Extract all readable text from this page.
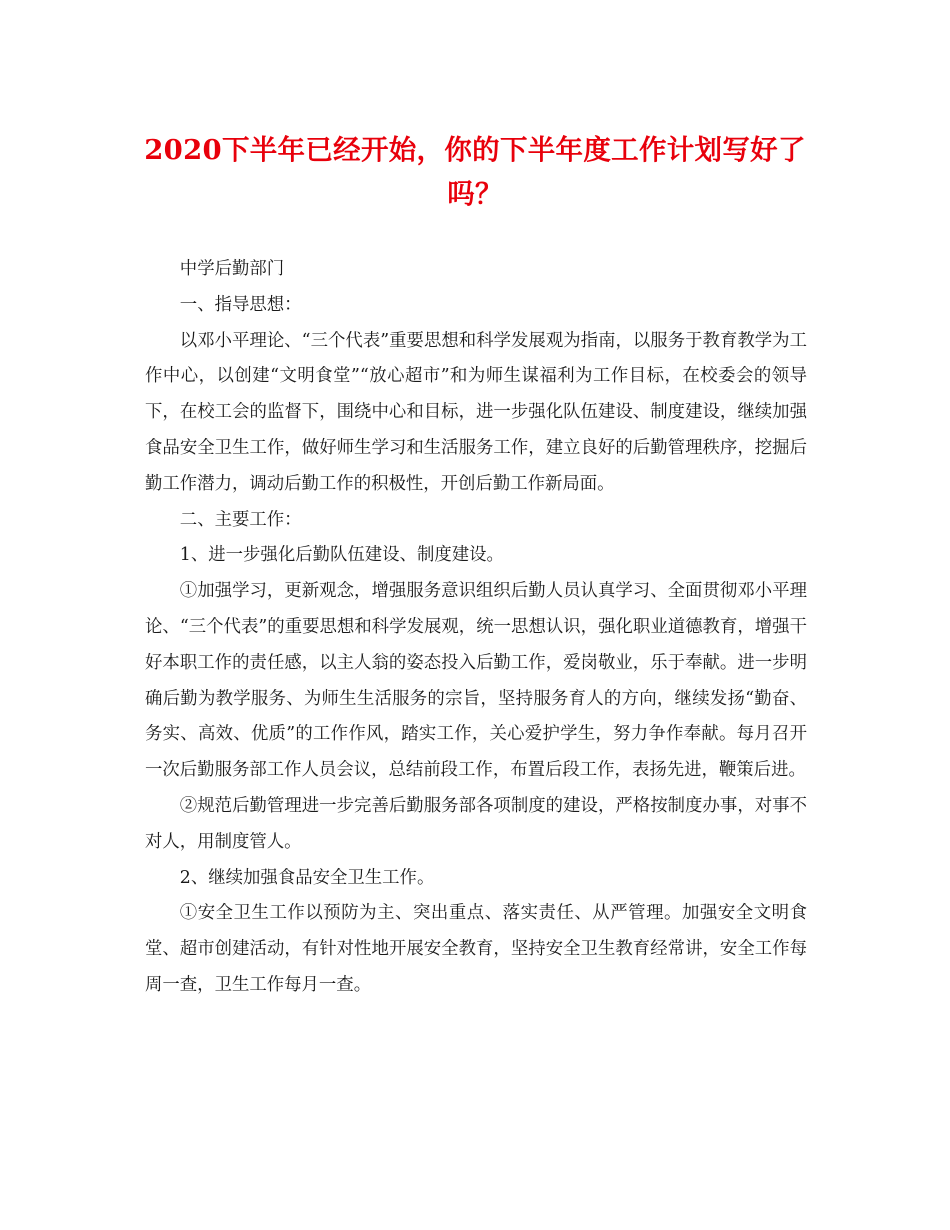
2020下半年已经开始，你的下半年度工作计划写好了吗？

中学后勤部门

一、指导思想：

以邓小平理论、“三个代表”重要思想和科学发展观为指南，以服务于教育教学为工作中心，以创建“文明食堂”“放心超市”和为师生谋福利为工作目标，在校委会的领导下，在校工会的监督下，围绕中心和目标，进一步强化队伍建设、制度建设，继续加强食品安全卫生工作，做好师生学习和生活服务工作，建立良好的后勤管理秩序，挖掘后勤工作潜力，调动后勤工作的积极性，开创后勤工作新局面。

二、主要工作：

1、进一步强化后勤队伍建设、制度建设。

①加强学习，更新观念，增强服务意识组织后勤人员认真学习、全面贯彻邓小平理论、“三个代表”的重要思想和科学发展观，统一思想认识，强化职业道德教育，增强干好本职工作的责任感，以主人翁的姿态投入后勤工作，爱岗敬业，乐于奉献。进一步明确后勤为教学服务、为师生生活服务的宗旨，坚持服务育人的方向，继续发扬“勤奋、务实、高效、优质”的工作作风，踏实工作，关心爱护学生，努力争作奉献。每月召开一次后勤服务部工作人员会议，总结前段工作，布置后段工作，表扬先进，鞭策后进。

②规范后勤管理进一步完善后勤服务部各项制度的建设，严格按制度办事，对事不对人，用制度管人。

2、继续加强食品安全卫生工作。

①安全卫生工作以预防为主、突出重点、落实责任、从严管理。加强安全文明食堂、超市创建活动，有针对性地开展安全教育，坚持安全卫生教育经常讲，安全工作每周一查，卫生工作每月一查。
